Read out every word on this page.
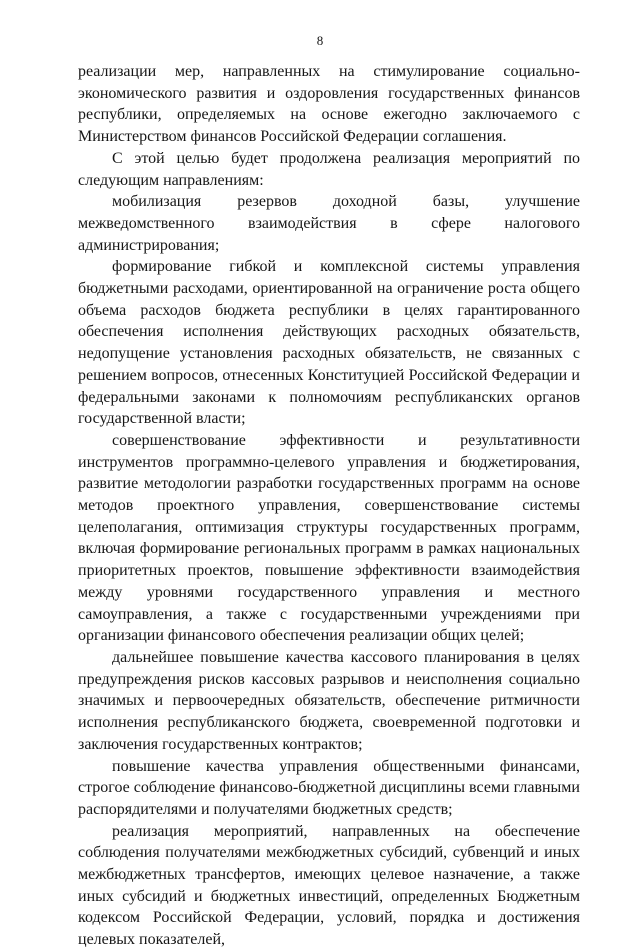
8

реализации мер, направленных на стимулирование социально-экономического развития и оздоровления государственных финансов республики, определяемых на основе ежегодно заключаемого с Министерством финансов Российской Федерации соглашения.

С этой целью будет продолжена реализация мероприятий по следующим направлениям:

мобилизация резервов доходной базы, улучшение межведомственного взаимодействия в сфере налогового администрирования;

формирование гибкой и комплексной системы управления бюджетными расходами, ориентированной на ограничение роста общего объема расходов бюджета республики в целях гарантированного обеспечения исполнения действующих расходных обязательств, недопущение установления расходных обязательств, не связанных с решением вопросов, отнесенных Конституцией Российской Федерации и федеральными законами к полномочиям республиканских органов государственной власти;

совершенствование эффективности и результативности инструментов программно-целевого управления и бюджетирования, развитие методологии разработки государственных программ на основе методов проектного управления, совершенствование системы целеполагания, оптимизация структуры государственных программ, включая формирование региональных программ в рамках национальных приоритетных проектов, повышение эффективности взаимодействия между уровнями государственного управления и местного самоуправления, а также с государственными учреждениями при организации финансового обеспечения реализации общих целей;

дальнейшее повышение качества кассового планирования в целях предупреждения рисков кассовых разрывов и неисполнения социально значимых и первоочередных обязательств, обеспечение ритмичности исполнения республиканского бюджета, своевременной подготовки и заключения государственных контрактов;

повышение качества управления общественными финансами, строгое соблюдение финансово-бюджетной дисциплины всеми главными распорядителями и получателями бюджетных средств;

реализация мероприятий, направленных на обеспечение соблюдения получателями межбюджетных субсидий, субвенций и иных межбюджетных трансфертов, имеющих целевое назначение, а также иных субсидий и бюджетных инвестиций, определенных Бюджетным кодексом Российской Федерации, условий, порядка и достижения целевых показателей,
